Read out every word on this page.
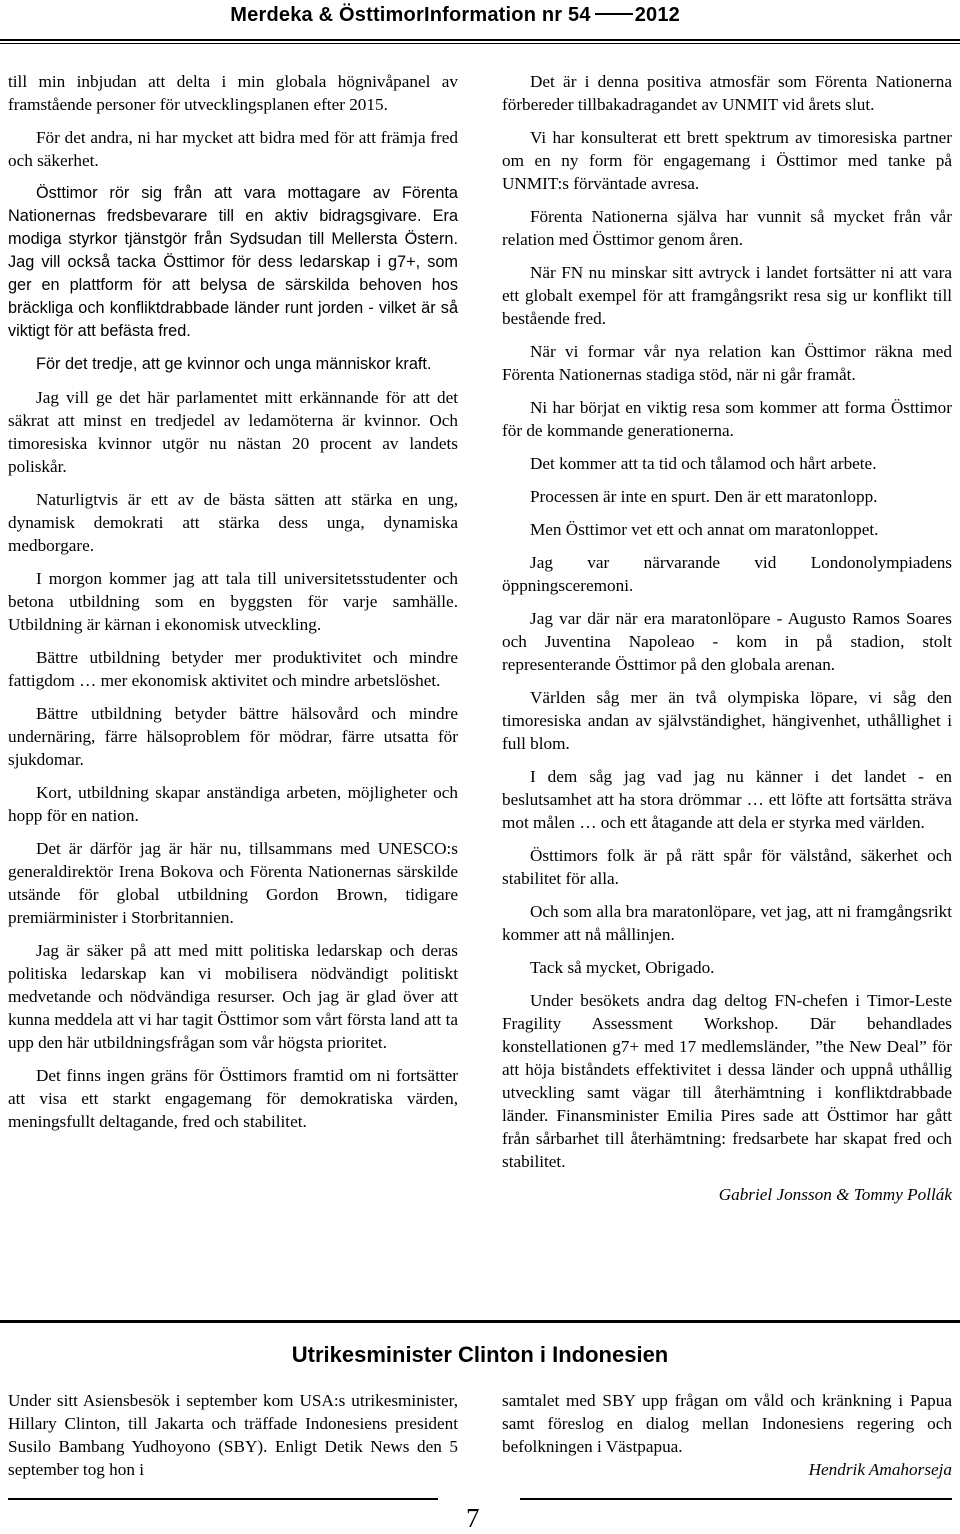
Merdeka & ÖsttimorInformation nr 54 2012

till min inbjudan att delta i min globala högnivåpanel av framstående personer för utvecklingsplanen efter 2015.

För det andra, ni har mycket att bidra med för att främja fred och säkerhet.

Östtimor rör sig från att vara mottagare av Förenta Nationernas fredsbevarare till en aktiv bidragsgivare. Era modiga styrkor tjänstgör från Sydsudan till Mellersta Östern. Jag vill också tacka Östtimor för dess ledarskap i g7+, som ger en plattform för att belysa de särskilda behoven hos bräckliga och konfliktdrabbade länder runt jorden - vilket är så viktigt för att befästa fred.

För det tredje, att ge kvinnor och unga människor kraft.

Jag vill ge det här parlamentet mitt erkännande för att det säkrat att minst en tredjedel av ledamöterna är kvinnor. Och timoresiska kvinnor utgör nu nästan 20 procent av landets poliskår.

Naturligtvis är ett av de bästa sätten att stärka en ung, dynamisk demokrati att stärka dess unga, dynamiska medborgare.

I morgon kommer jag att tala till universitetsstudenter och betona utbildning som en byggsten för varje samhälle. Utbildning är kärnan i ekonomisk utveckling.

Bättre utbildning betyder mer produktivitet och mindre fattigdom … mer ekonomisk aktivitet och mindre arbetslöshet.

Bättre utbildning betyder bättre hälsovård och mindre undernäring, färre hälsoproblem för mödrar, färre utsatta för sjukdomar.

Kort, utbildning skapar anständiga arbeten, möjligheter och hopp för en nation.

Det är därför jag är här nu, tillsammans med UNESCO:s generaldirektör Irena Bokova och Förenta Nationernas särskilde utsände för global utbildning Gordon Brown, tidigare premiärminister i Storbritannien.

Jag är säker på att med mitt politiska ledarskap och deras politiska ledarskap kan vi mobilisera nödvändigt politiskt medvetande och nödvändiga resurser. Och jag är glad över att kunna meddela att vi har tagit Östtimor som vårt första land att ta upp den här utbildningsfrågan som vår högsta prioritet.

Det finns ingen gräns för Östtimors framtid om ni fortsätter att visa ett starkt engagemang för demokratiska värden, meningsfullt deltagande, fred och stabilitet.

Det är i denna positiva atmosfär som Förenta Nationerna förbereder tillbakadragandet av UNMIT vid årets slut.

Vi har konsulterat ett brett spektrum av timoresiska partner om en ny form för engagemang i Östtimor med tanke på UNMIT:s förväntade avresa.

Förenta Nationerna själva har vunnit så mycket från vår relation med Östtimor genom åren.

När FN nu minskar sitt avtryck i landet fortsätter ni att vara ett globalt exempel för att framgångsrikt resa sig ur konflikt till bestående fred.

När vi formar vår nya relation kan Östtimor räkna med Förenta Nationernas stadiga stöd, när ni går framåt.

Ni har börjat en viktig resa som kommer att forma Östtimor för de kommande generationerna.

Det kommer att ta tid och tålamod och hårt arbete.

Processen är inte en spurt. Den är ett maratonlopp.

Men Östtimor vet ett och annat om maratonloppet.

Jag var närvarande vid Londonolympiadens öppningsceremoni.

Jag var där när era maratonlöpare - Augusto Ramos Soares och Juventina Napoleao - kom in på stadion, stolt representerande Östtimor på den globala arenan.

Världen såg mer än två olympiska löpare, vi såg den timoresiska andan av självständighet, hängivenhet, uthållighet i full blom.

I dem såg jag vad jag nu känner i det landet - en beslutsamhet att ha stora drömmar … ett löfte att fortsätta sträva mot målen … och ett åtagande att dela er styrka med världen.

Östtimors folk är på rätt spår för välstånd, säkerhet och stabilitet för alla.

Och som alla bra maratonlöpare, vet jag, att ni framgångsrikt kommer att nå mållinjen.

Tack så mycket, Obrigado.

Under besökets andra dag deltog FN-chefen i Timor-Leste Fragility Assessment Workshop. Där behandlades konstellationen g7+ med 17 medlemsländer, ”the New Deal” för att höja biståndets effektivitet i dessa länder och uppnå uthållig utveckling samt vägar till återhämtning i konfliktdrabbade länder. Finansminister Emilia Pires sade att Östtimor har gått från sårbarhet till återhämtning: fredsarbete har skapat fred och stabilitet.

Gabriel Jonsson & Tommy Pollák

Utrikesminister Clinton i Indonesien

Under sitt Asiensbesök i september kom USA:s utrikesminister, Hillary Clinton, till Jakarta och träffade Indonesiens president Susilo Bambang Yudhoyono (SBY). Enligt Detik News den 5 september tog hon i

samtalet med SBY upp frågan om våld och kränkning i Papua samt föreslog en dialog mellan Indonesiens regering och befolkningen i Västpapua.

Hendrik Amahorseja

7
